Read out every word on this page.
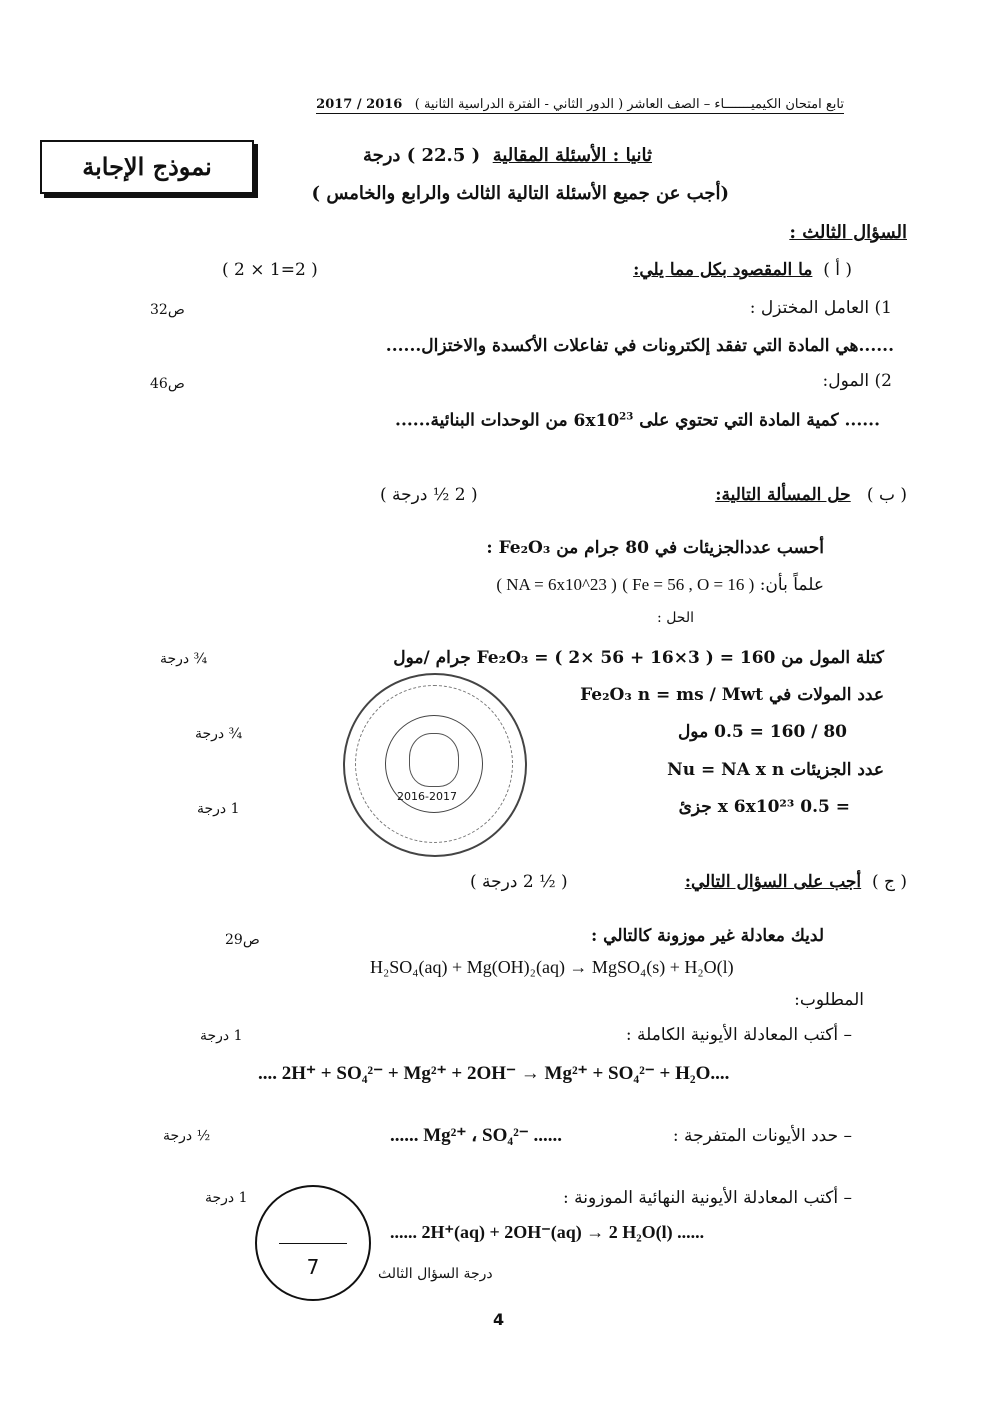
تابع امتحان الكيميـــــــاء – الصف العاشر ( الدور الثاني - الفترة الدراسية الثانية )   2017 / 2016
نموذج الإجابة	ثانيا : الأسئلة المقالية  ( 22.5 ) درجة
(أجب عن جميع الأسئلة التالية الثالث والرابع والخامس )
السؤال الثالث :
( أ )  ما المقصود بكل مما يلي:
( 2 × 1=2 )
1) العامل المختزل :
ص32
......هي المادة التي تفقد إلكترونات في تفاعلات الأكسدة والاختزال......
2) المول:
ص46
...... كمية المادة التي تحتوي على $6x10^{23}$ من الوحدات البنائية......
( ب )   حل المسألة التالية:
( 2 ½ درجة )
أحسب عددالجزيئات في 80 جرام من Fe₂O₃ :
علماً بأن: ( Fe = 56 , O = 16 ) ( NA = 6x10^23 )
الحل :
كتلة المول من Fe₂O₃ = ( 2× 56 + 16×3 ) = 160 جرام /مول
¾ درجة
عدد المولات في Fe₂O₃ n = ms / Mwt
80 / 160 = 0.5 مول
¾ درجة
عدد الجزيئات Nu = NA x n
= 0.5 x 6x10²³ جزئ
1 درجة
2016-2017
( ج )  أجب على السؤال التالي:
( ½ 2 درجة )
لديك معادلة غير موزونة كالتالي :
ص29
H₂SO₄(aq) + Mg(OH)₂(aq) → MgSO₄(s) + H₂O(l)
المطلوب:
– أكتب المعادلة الأيونية الكاملة :
1 درجة
.... 2H⁺ + SO₄²⁻ + Mg²⁺ + 2OH⁻ → Mg²⁺ + SO₄²⁻ + H₂O....
– حدد الأيونات المتفرجة :
...... Mg²⁺ ، SO₄²⁻ ......
½ درجة
– أكتب المعادلة الأيونية النهائية الموزونة :
1 درجة
...... 2H⁺(aq) + 2OH⁻(aq) → 2 H₂O(l) ......
7	درجة السؤال الثالث
4
